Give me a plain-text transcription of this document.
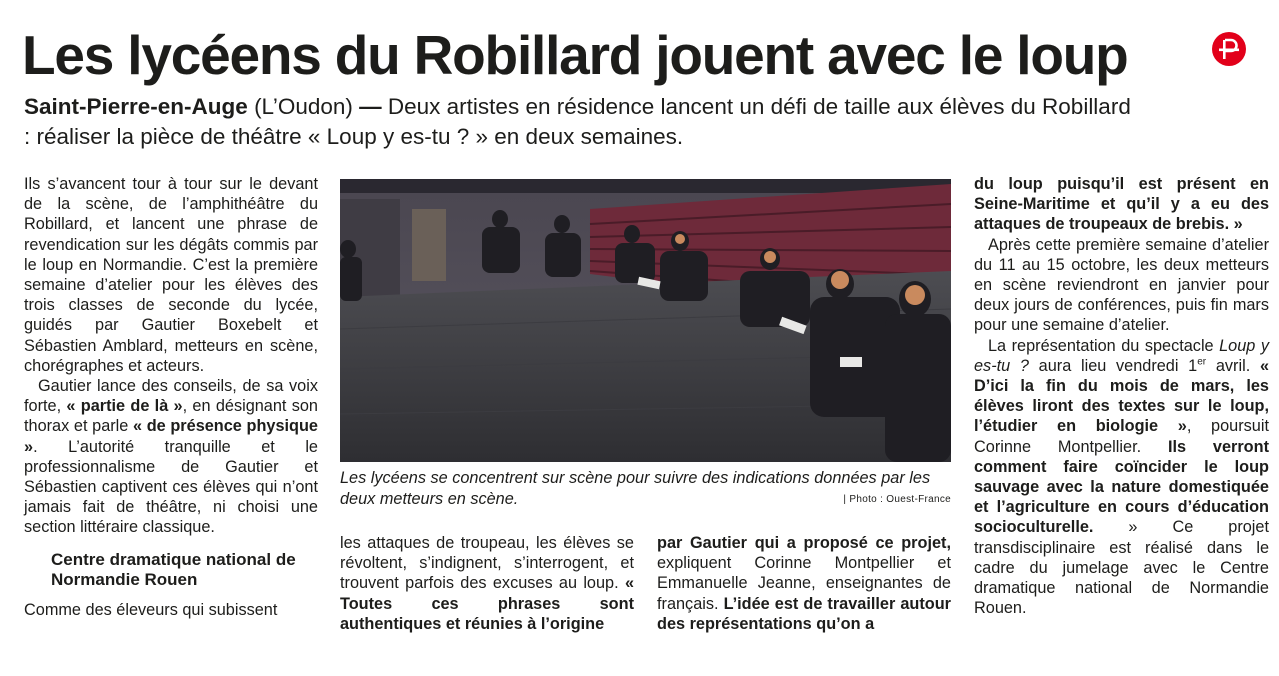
Les lycéens du Robillard jouent avec le loup

Saint-Pierre-en-Auge (L’Oudon) — Deux artistes en résidence lancent un défi de taille aux élèves du Robillard : réaliser la pièce de théâtre « Loup y es-tu ? » en deux semaines.

Ils s’avancent tour à tour sur le devant de la scène, de l’amphithéâtre du Robillard, et lancent une phrase de revendication sur les dégâts commis par le loup en Normandie. C’est la première semaine d’atelier pour les élèves des trois classes de seconde du lycée, guidés par Gautier Boxebelt et Sébastien Amblard, metteurs en scène, chorégraphes et acteurs.

Gautier lance des conseils, de sa voix forte, « partie de là », en désignant son thorax et parle « de présence physique ». L’autorité tranquille et le professionnalisme de Gautier et Sébastien captivent ces élèves qui n’ont jamais fait de théâtre, ni choisi une section littéraire classique.

Centre dramatique national de Normandie Rouen

Comme des éleveurs qui subissent

Les lycéens se concentrent sur scène pour suivre des indications données par les deux metteurs en scène.	| Photo : Ouest-France

les attaques de troupeau, les élèves se révoltent, s’indignent, s’interrogent, et trouvent parfois des excuses au loup. « Toutes ces phrases sont authentiques et réunies à l’origine

par Gautier qui a proposé ce projet, expliquent Corinne Montpellier et Emmanuelle Jeanne, enseignantes de français. L’idée est de travailler autour des représentations qu’on a

du loup puisqu’il est présent en Seine-Maritime et qu’il y a eu des attaques de troupeaux de brebis. »

Après cette première semaine d’atelier du 11 au 15 octobre, les deux metteurs en scène reviendront en janvier pour deux jours de conférences, puis fin mars pour une semaine d’atelier.

La représentation du spectacle Loup y es-tu ? aura lieu vendredi 1er avril. « D’ici la fin du mois de mars, les élèves liront des textes sur le loup, l’étudier en biologie », poursuit Corinne Montpellier. Ils verront comment faire coïncider le loup sauvage avec la nature domestiquée et l’agriculture en cours d’éducation socioculturelle. » Ce projet transdisciplinaire est réalisé dans le cadre du jumelage avec le Centre dramatique national de Normandie Rouen.
